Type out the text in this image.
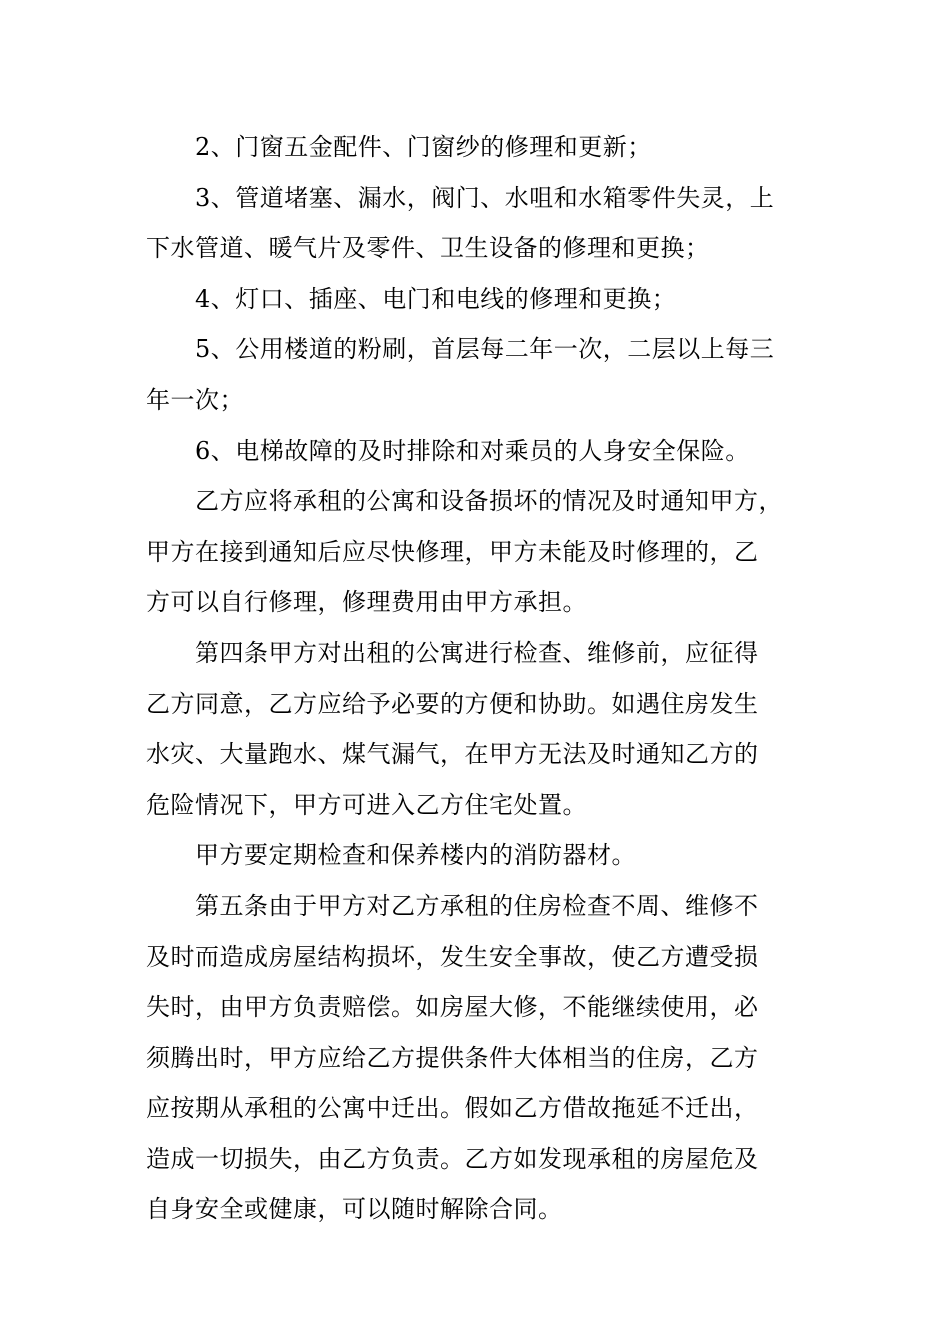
2、门窗五金配件、门窗纱的修理和更新；

3、管道堵塞、漏水，阀门、水咀和水箱零件失灵，上
下水管道、暖气片及零件、卫生设备的修理和更换；

4、灯口、插座、电门和电线的修理和更换；

5、公用楼道的粉刷，首层每二年一次，二层以上每三
年一次；

6、电梯故障的及时排除和对乘员的人身安全保险。

乙方应将承租的公寓和设备损坏的情况及时通知甲方，
甲方在接到通知后应尽快修理，甲方未能及时修理的，乙
方可以自行修理，修理费用由甲方承担。

第四条甲方对出租的公寓进行检查、维修前，应征得
乙方同意，乙方应给予必要的方便和协助。如遇住房发生
水灾、大量跑水、煤气漏气，在甲方无法及时通知乙方的
危险情况下，甲方可进入乙方住宅处置。

甲方要定期检查和保养楼内的消防器材。

第五条由于甲方对乙方承租的住房检查不周、维修不
及时而造成房屋结构损坏，发生安全事故，使乙方遭受损
失时，由甲方负责赔偿。如房屋大修，不能继续使用，必
须腾出时，甲方应给乙方提供条件大体相当的住房，乙方
应按期从承租的公寓中迁出。假如乙方借故拖延不迁出，
造成一切损失，由乙方负责。乙方如发现承租的房屋危及
自身安全或健康，可以随时解除合同。
